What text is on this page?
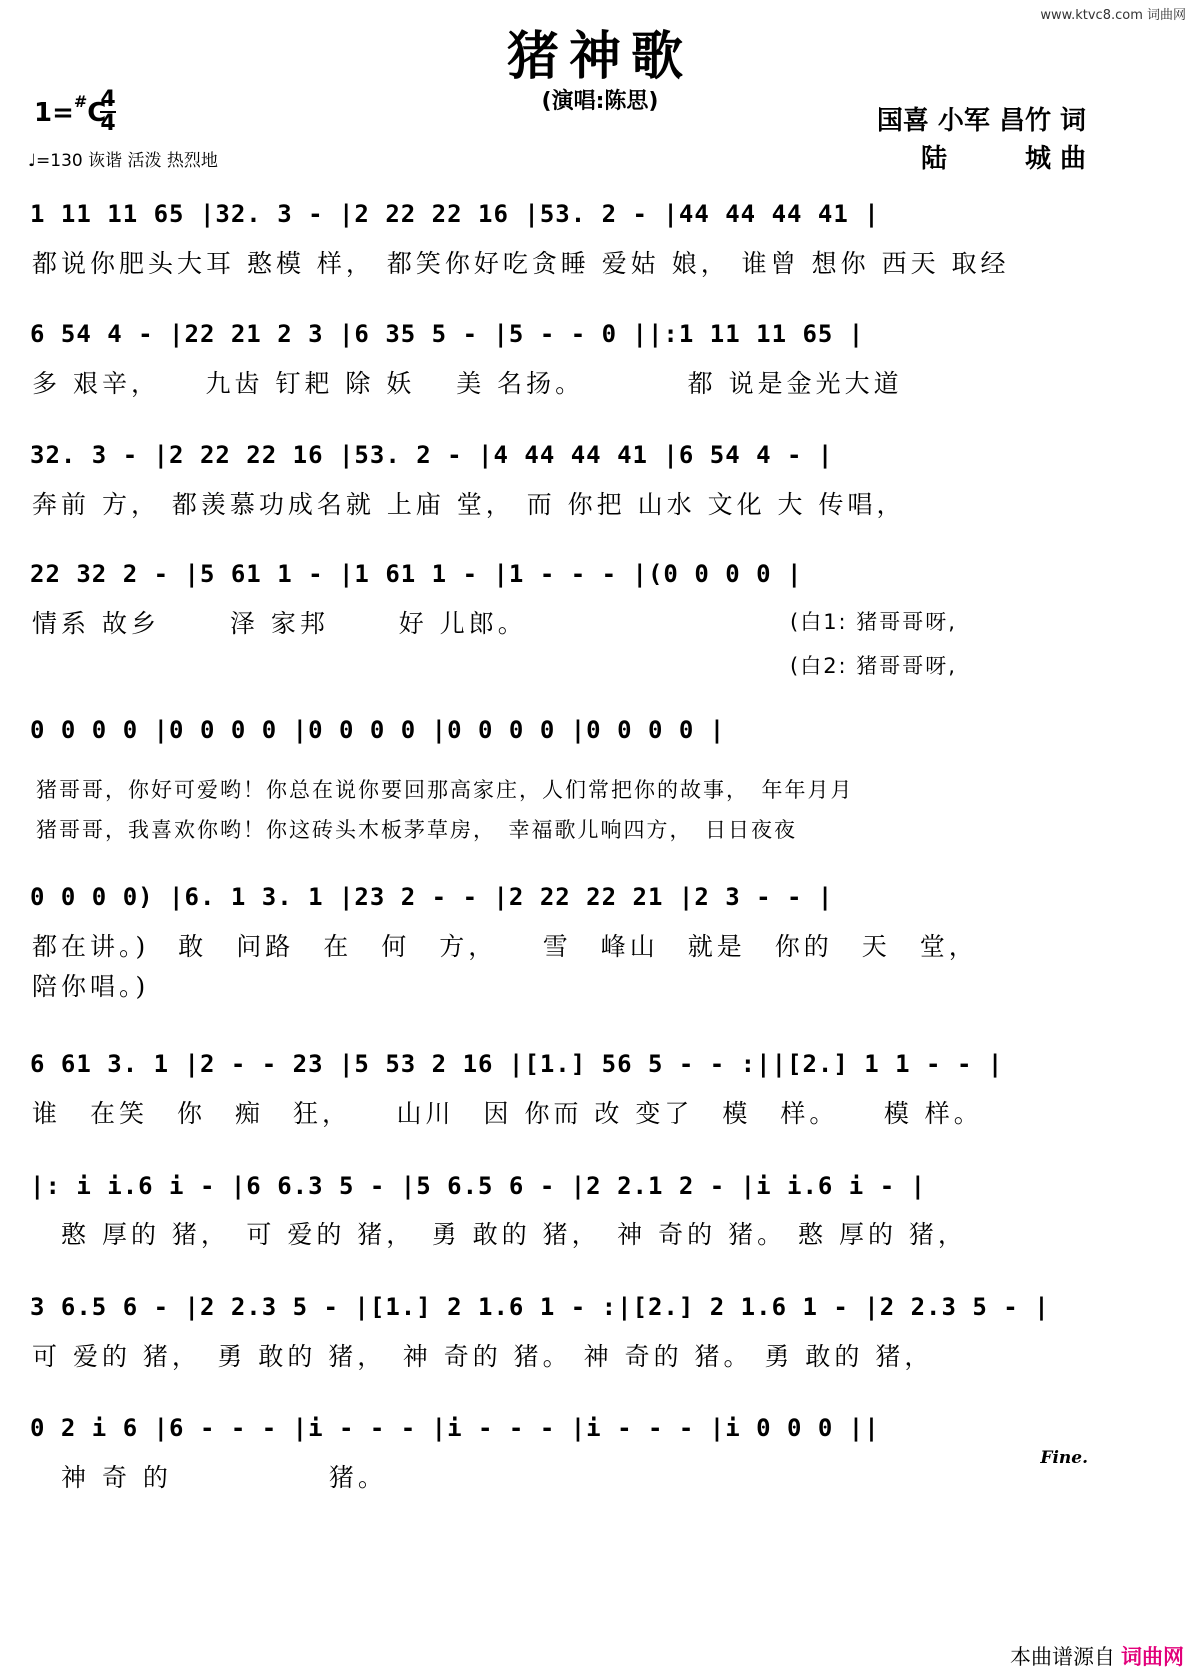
www.ktvc8.com 词曲网
猪神歌
(演唱:陈思)
1=#C
4
4
♩=130 诙谐 活泼 热烈地
国喜 小军 昌竹 词
陆　　　城 曲
1 11 11 65 |32. 3 - |2 22 22 16 |53. 2 - |44 44 44 41 |
都说你肥头大耳 憨模 样， 都笑你好吃贪睡 爱姑 娘， 谁曾 想你 西天 取经
6 54 4 - |22 21 2 3 |6 35 5 - |5 - - 0 ||:1 11 11 65 |
多 艰辛，　　九齿 钉耙 除 妖　 美 名扬。　　　　都 说是金光大道
32. 3 - |2 22 22 16 |53. 2 - |4 44 44 41 |6 54 4 - |
奔前 方， 都羡慕功成名就 上庙 堂， 而 你把 山水 文化 大 传唱，
22 32 2 - |5 61 1 - |1 61 1 - |1 - - - |(0 0 0 0 |
情系 故乡　　 泽 家邦　　 好 儿郎。	(白1: 猪哥哥呀,
(白2: 猪哥哥呀,
0 0 0 0 |0 0 0 0 |0 0 0 0 |0 0 0 0 |0 0 0 0 |
猪哥哥，你好可爱哟！你总在说你要回那高家庄，人们常把你的故事，　年年月月
猪哥哥，我喜欢你哟！你这砖头木板茅草房，　幸福歌儿响四方，　日日夜夜
0 0 0 0) |6. 1 3. 1 |23 2 - - |2 22 22 21 |2 3 - - |
都在讲。)　敢　问路　在　何　方，　　雪　峰山　就是　你的　天　堂，
陪你唱。)
6 61 3. 1 |2 - - 23 |5 53 2 16 |[1.] 56 5 - - :||[2.] 1 1 - - |
谁　在笑　你　痴　狂，　　山川　因 你而 改 变了　模　样。　　模 样。
|: i i.6 i - |6 6.3 5 - |5 6.5 6 - |2 2.1 2 - |i i.6 i - |
　憨 厚的 猪，　可 爱的 猪，　勇 敢的 猪，　神 奇的 猪。 憨 厚的 猪，
3 6.5 6 - |2 2.3 5 - |[1.] 2 1.6 1 - :|[2.] 2 1.6 1 - |2 2.3 5 - |
可 爱的 猪，　勇 敢的 猪，　神 奇的 猪。 神 奇的 猪。 勇 敢的 猪，
0 2 i 6 |6 - - - |i - - - |i - - - |i - - - |i 0 0 0 ||
　神 奇 的　　　　　 猪。
Fine.
本曲谱源自 词曲网
